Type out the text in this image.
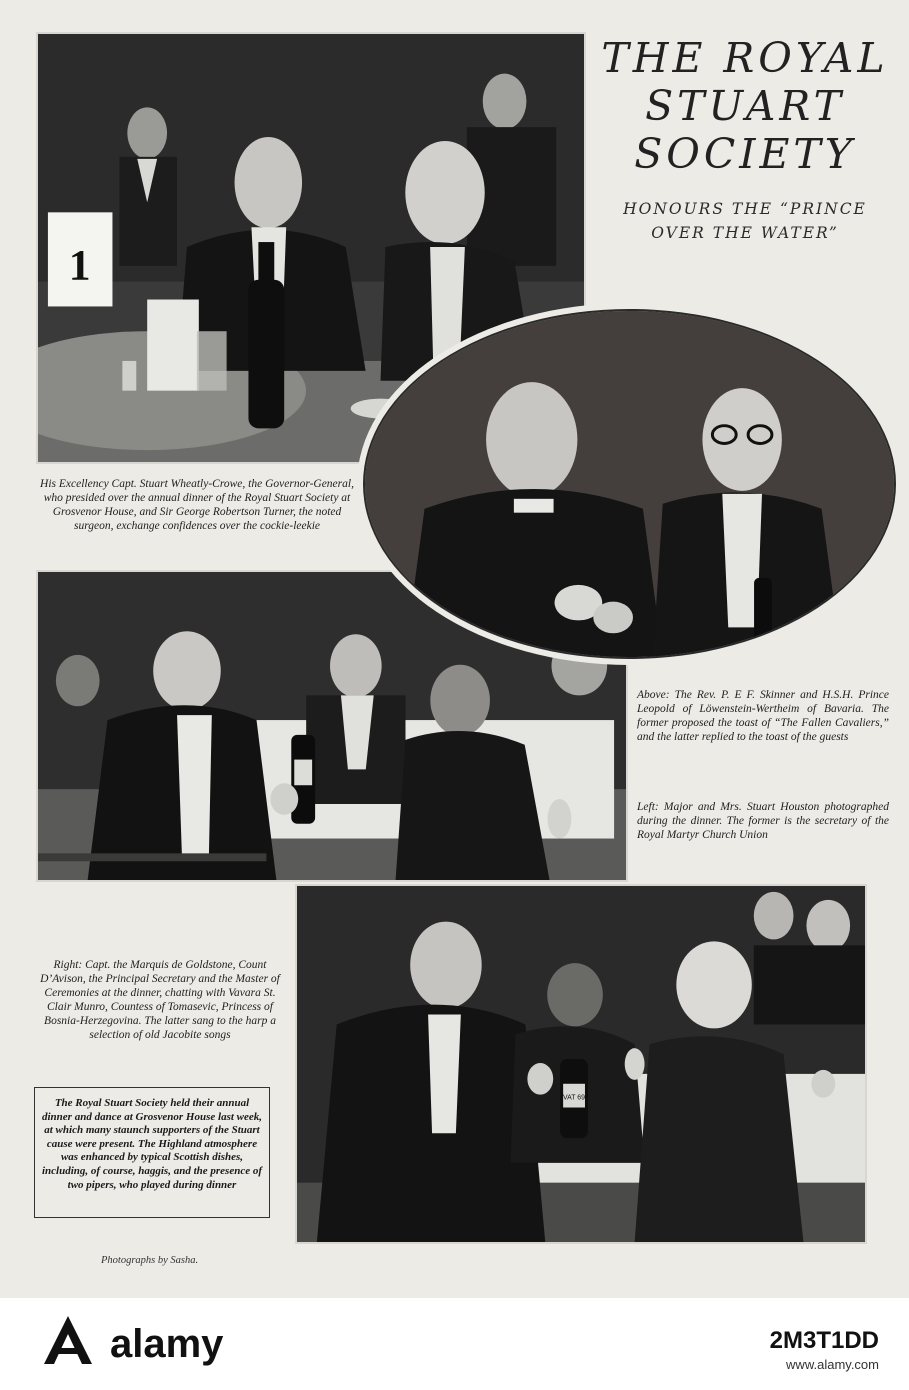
1
VAT 69
THE ROYAL
STUART
SOCIETY
HONOURS THE “PRINCE
OVER THE WATER”
His Excellency Capt. Stuart Wheatly-Crowe, the Governor-General, who presided over the annual dinner of the Royal Stuart Society at Grosvenor House, and Sir George Robertson Turner, the noted surgeon, exchange confidences over the cockie-leekie
Above: The Rev. P. E F. Skinner and H.S.H. Prince Leopold of Löwenstein-Wertheim of Bavaria. The former proposed the toast of “The Fallen Cavaliers,” and the latter replied to the toast of the guests
Left: Major and Mrs. Stuart Houston photographed during the dinner. The former is the secretary of the Royal Martyr Church Union
Right: Capt. the Marquis de Goldstone, Count D’Avison, the Principal Secretary and the Master of Ceremonies at the dinner, chatting with Vavara St. Clair Munro, Countess of Tomasevic, Princess of Bosnia-Herzegovina. The latter sang to the harp a selection of old Jacobite songs

The Royal Stuart Society held their annual dinner and dance at Grosvenor House last week, at which many staunch supporters of the Stuart cause were present. The Highland atmosphere was enhanced by typical Scottish dishes, including, of course, haggis, and the presence of two pipers, who played during dinner

Photographs by Sasha.
alamy	2M3T1DD
www.alamy.com
